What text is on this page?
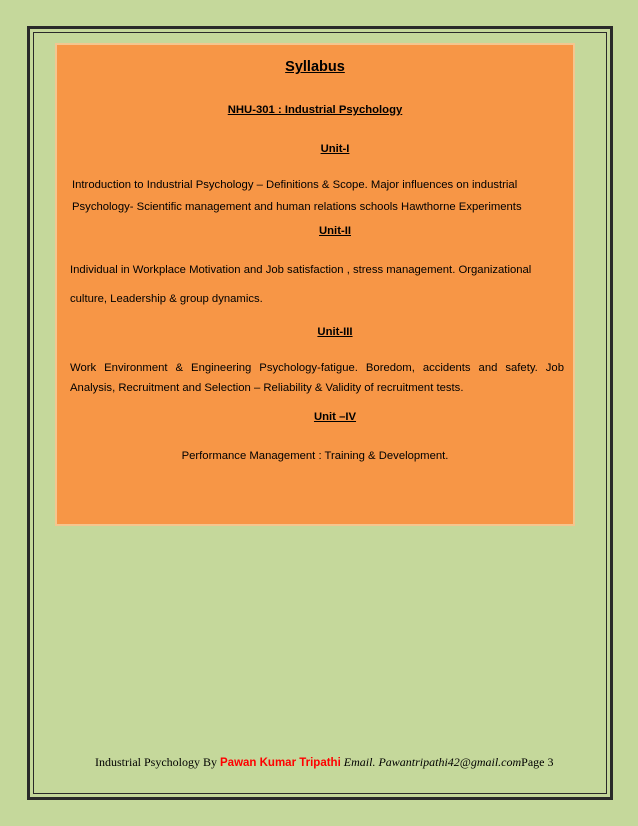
Syllabus
NHU-301 : Industrial Psychology
Unit-I
Introduction to Industrial Psychology – Definitions & Scope. Major influences on industrial Psychology- Scientific management and human relations schools Hawthorne Experiments
Unit-II
Individual in Workplace Motivation and Job satisfaction , stress management. Organizational culture, Leadership & group dynamics.
Unit-III
Work Environment & Engineering Psychology-fatigue. Boredom, accidents and safety. Job Analysis, Recruitment and Selection – Reliability & Validity of recruitment tests.
Unit –IV
Performance Management : Training & Development.
Industrial Psychology By Pawan Kumar Tripathi Email. Pawantripathi42@gmail.comPage 3
